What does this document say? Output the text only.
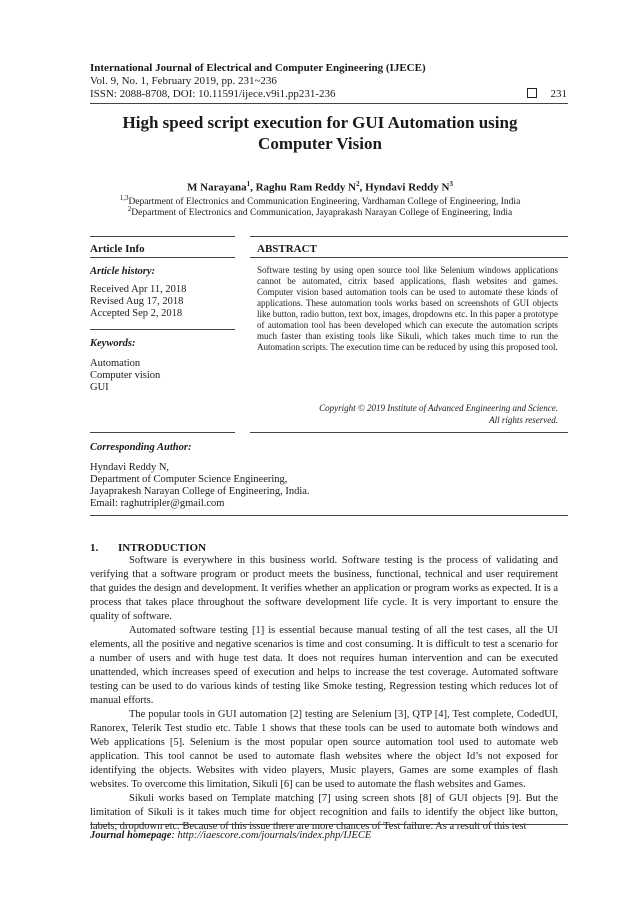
International Journal of Electrical and Computer Engineering (IJECE)
Vol. 9, No. 1, February 2019, pp. 231~236
ISSN: 2088-8708, DOI: 10.11591/ijece.v9i1.pp231-236	231
High speed script execution for GUI Automation using
Computer Vision
M Narayana$^1$, Raghu Ram Reddy $N^2$, Hyndavi Reddy $N^3$
$^{1,3}$Department of Electronics and Communication Engineering, Vardhaman College of Engineering, India
$^2$Department of Electronics and Communication, Jayaprakash Narayan College of Engineering, India
Article Info	ABSTRACT
Article history:
Received Apr 11, 2018
Revised Aug 17, 2018
Accepted Sep 2, 2018
Keywords:
Automation
Computer vision
GUI
Software testing by using open source tool like Selenium windows applications cannot be automated, citrix based applications, flash websites and games. Computer vision based automation tools can be used to automate these kinds of applications. These automation tools works based on screenshots of GUI objects like button, radio button, text box, images, dropdowns etc. In this paper a prototype of automation tool has been developed which can execute the automation scripts much faster than existing tools like Sikuli, which takes much time to run the Automation scripts. The execution time can be reduced by using this proposed tool.
Copyright © 2019 Institute of Advanced Engineering and Science.
All rights reserved.
Corresponding Author:
Hyndavi Reddy N,
Department of Computer Science Engineering,
Jayaprakesh Narayan College of Engineering, India.
Email: raghutripler@gmail.com
1. INTRODUCTION

Software is everywhere in this business world. Software testing is the process of validating and verifying that a software program or product meets the business, functional, technical and user requirement that guides the design and development. It verifies whether an application or program works as expected. It is a process that takes place throughout the software development life cycle. It is very important to ensure the quality of software.

Automated software testing [1] is essential because manual testing of all the test cases, all the UI elements, all the positive and negative scenarios is time and cost consuming. It is difficult to test a scenario for a number of users and with huge test data. It does not requires human intervention and can be executed unattended, which increases speed of execution and helps to increase the test coverage. Automated software testing can be used to do various kinds of testing like Smoke testing, Regression testing which reduces lot of manual efforts.

The popular tools in GUI automation [2] testing are Selenium [3], QTP [4], Test complete, CodedUI, Ranorex, Telerik Test studio etc. Table 1 shows that these tools can be used to automate both windows and Web applications [5]. Selenium is the most popular open source automation tool used to automate web application. This tool cannot be used to automate flash websites where the object Id’s not exposed for identifying the objects. Websites with video players, Music players, Games are some examples of flash websites. To overcome this limitation, Sikuli [6] can be used to automate the flash websites and Games.

Sikuli works based on Template matching [7] using screen shots [8] of GUI objects [9]. But the limitation of Sikuli is it takes much time for object recognition and fails to identify the object like button, labels, dropdown etc. Because of this issue there are more chances of Test failure. As a result of this test

Journal homepage: http://iaescore.com/journals/index.php/IJECE
